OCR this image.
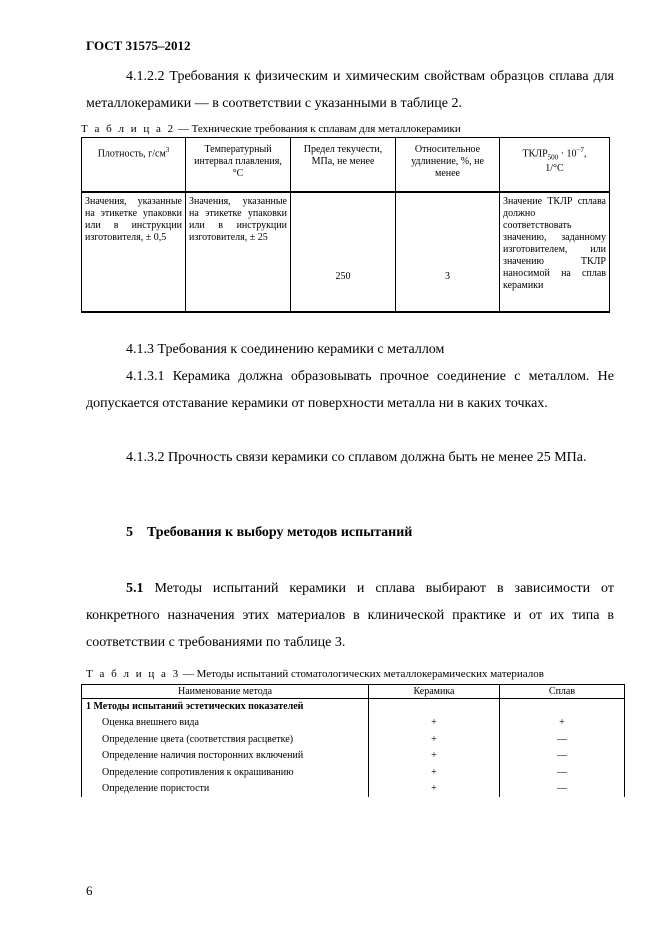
ГОСТ 31575–2012
4.1.2.2 Требования к физическим и химическим свойствам образцов сплава для металлокерамики — в соответствии с указанными в таблице 2.
Т а б л и ц а 2 — Технические требования к сплавам для металлокерамики
Плотность, $г/см^3$	Температурный интервал плавления, °С	Предел текучести, МПа, не менее	Относительное удлинение, %, не менее	$ТКЛР_{500} \cdot 10^{-7}$,
1/°С
Значения, указанные на этикетке упаковки или в инструкции изготовителя, ± 0,5	Значения, указанные на этикетке упаковки или в инструкции изготовителя, ± 25	250	3	Значение ТКЛР сплава должно соответствовать значению, заданному изготовителем, или значению ТКЛР наносимой на сплав керамики
4.1.3 Требования к соединению керамики с металлом
4.1.3.1 Керамика должна образовывать прочное соединение с металлом. Не допускается отставание керамики от поверхности металла ни в каких точках.
4.1.3.2 Прочность связи керамики со сплавом должна быть не менее 25 МПа.
5    Требования к выбору методов испытаний
5.1 Методы испытаний керамики и сплава выбирают в зависимости от конкретного назначения этих материалов в клинической практике и от их типа в соответствии с требованиями по таблице 3.
Т а б л и ц а 3 — Методы испытаний стоматологических металлокерамических материалов
Наименование метода	Керамика	Сплав
1 Методы испытаний эстетических показателей		
Оценка внешнего вида	+	+
Определение цвета (соответствия расцветке)	+	—
Определение наличия посторонних включений	+	—
Определение сопротивления к окрашиванию	+	—
Определение пористости	+	—
6
